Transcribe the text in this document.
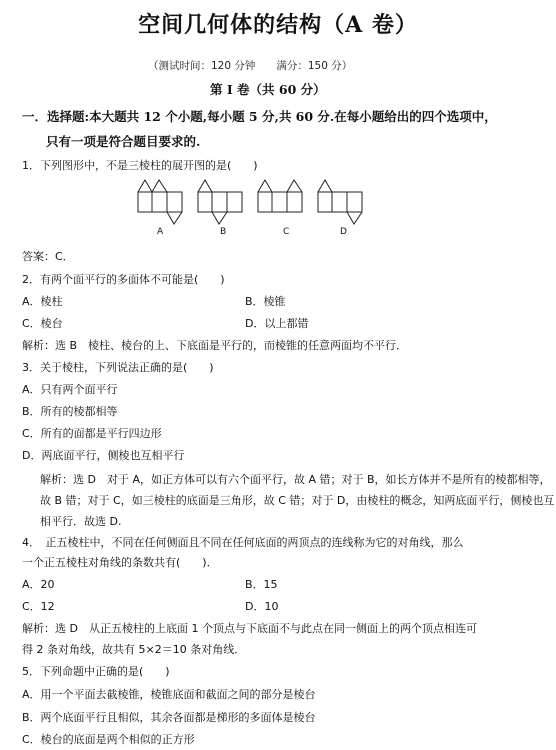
空间几何体的结构（A 卷）
（测试时间：120 分钟　　满分：150 分）
第 I 卷（共 60 分）
一．选择题:本大题共 12 个小题,每小题 5 分,共 60 分.在每小题给出的四个选项中，
只有一项是符合题目要求的.
1．下列图形中，不是三棱柱的展开图的是(　　)
A	B	C	D
答案：C．
2．有两个面平行的多面体不可能是(　　)
A．棱柱	B．棱锥
C．棱台	D．以上都错
解析：选 B　棱柱、棱台的上、下底面是平行的，而棱锥的任意两面均不平行．
3．关于棱柱，下列说法正确的是(　　)
A．只有两个面平行
B．所有的棱都相等
C．所有的面都是平行四边形
D．两底面平行，侧棱也互相平行
解析：选 D　对于 A，如正方体可以有六个面平行，故 A 错；对于 B，如长方体并不是所有的棱都相等，
故 B 错；对于 C，如三棱柱的底面是三角形，故 C 错；对于 D，由棱柱的概念，知两底面平行，侧棱也互
相平行．故选 D.
4．　正五棱柱中，不同在任何侧面且不同在任何底面的两顶点的连线称为它的对角线，那么
一个正五棱柱对角线的条数共有(　　)．
A．20	B．15
C．12	D．10
解析：选 D　从正五棱柱的上底面 1 个顶点与下底面不与此点在同一侧面上的两个顶点相连可
得 2 条对角线，故共有 5×2＝10 条对角线．
5．下列命题中正确的是(　　)
A．用一个平面去截棱锥，棱锥底面和截面之间的部分是棱台
B．两个底面平行且相似，其余各面都是梯形的多面体是棱台
C．棱台的底面是两个相似的正方形
